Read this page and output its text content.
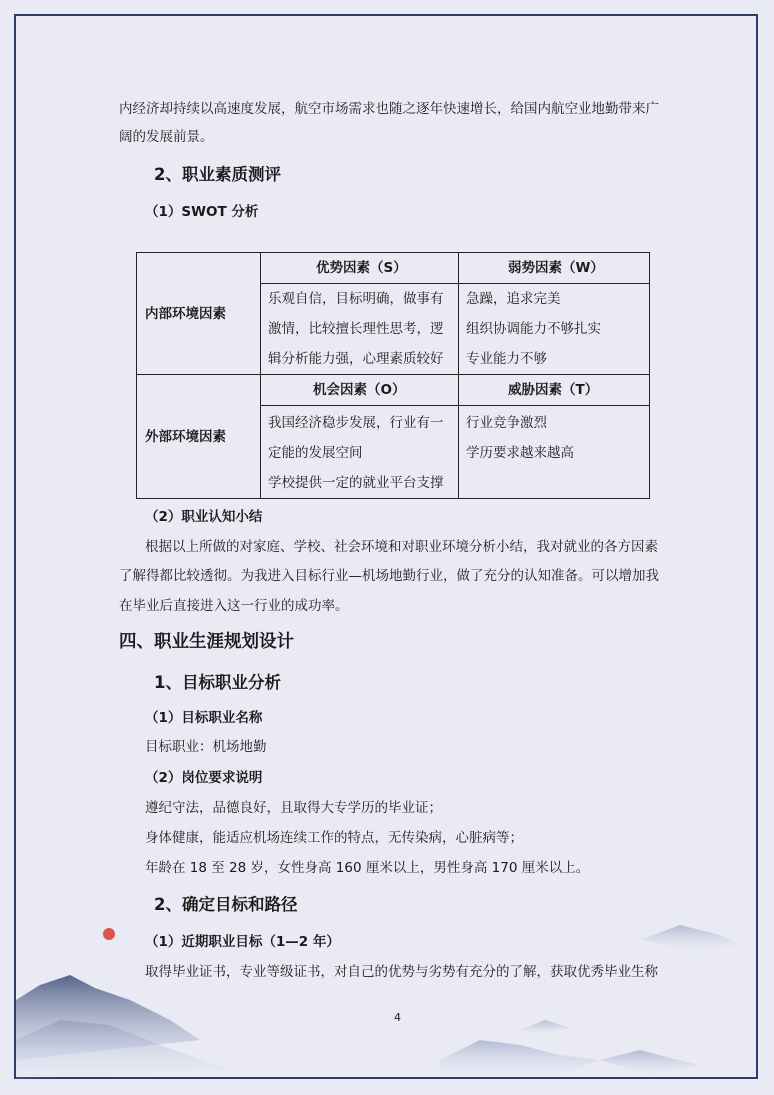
内经济却持续以高速度发展，航空市场需求也随之逐年快速增长，给国内航空业地勤带来广
阔的发展前景。
2、职业素质测评
（1）SWOT 分析
内部环境因素
外部环境因素
优势因素（S）	弱势因素（W）
机会因素（O）	威胁因素（T）
乐观自信，目标明确，做事有
激情，比较擅长理性思考，逻
辑分析能力强，心理素质较好
急躁，追求完美
组织协调能力不够扎实
专业能力不够
我国经济稳步发展，行业有一
定能的发展空间
学校提供一定的就业平台支撑
行业竞争激烈
学历要求越来越高
（2）职业认知小结
根据以上所做的对家庭、学校、社会环境和对职业环境分析小结，我对就业的各方因素
了解得都比较透彻。为我进入目标行业—机场地勤行业，做了充分的认知准备。可以增加我
在毕业后直接进入这一行业的成功率。
四、职业生涯规划设计
1、目标职业分析
（1）目标职业名称
目标职业：机场地勤
（2）岗位要求说明
遵纪守法，品德良好，且取得大专学历的毕业证；
身体健康，能适应机场连续工作的特点，无传染病，心脏病等；
年龄在 18 至 28 岁，女性身高 160 厘米以上，男性身高 170 厘米以上。
2、确定目标和路径
（1）近期职业目标（1—2 年）
取得毕业证书，专业等级证书，对自己的优势与劣势有充分的了解，获取优秀毕业生称
4
